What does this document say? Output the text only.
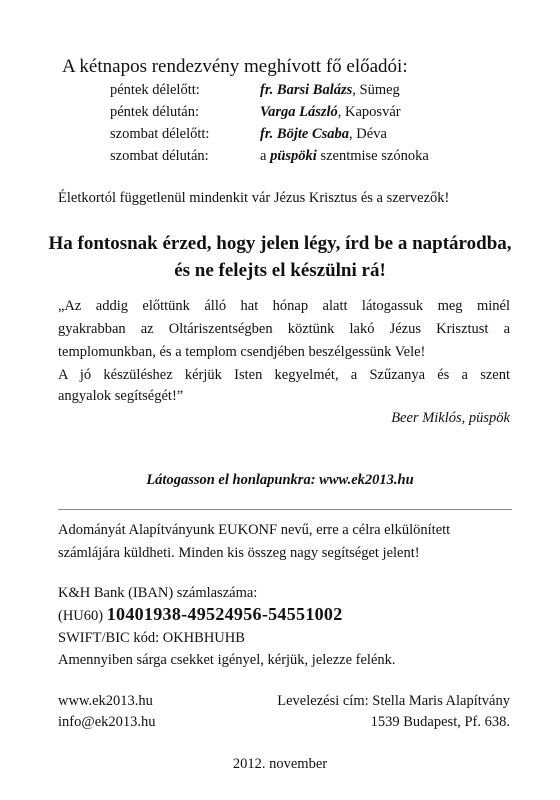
A kétnapos rendezvény meghívott fő előadói:
péntek délelőtt:	fr. Barsi Balázs, Sümeg
péntek délután:	Varga László, Kaposvár
szombat délelőtt:	fr. Böjte Csaba, Déva
szombat délután:	a püspöki szentmise szónoka
Életkortól függetlenül mindenkit vár Jézus Krisztus és a szervezők!
Ha fontosnak érzed, hogy jelen légy, írd be a naptárodba, és ne felejts el készülni rá!
„Az addig előttünk álló hat hónap alatt látogassuk meg minél
gyakrabban az Oltáriszentségben köztünk lakó Jézus Krisztust a
templomunkban, és a templom csendjében beszélgessünk Vele!
A jó készüléshez kérjük Isten kegyelmét, a Szűzanya és a szent
angyalok segítségét!”
Beer Miklós, püspök
Látogasson el honlapunkra: www.ek2013.hu
Adományát Alapítványunk EUKONF nevű, erre a célra elkülönített
számlájára küldheti. Minden kis összeg nagy segítséget jelent!
K&H Bank (IBAN) számlaszáma:
(HU60) 10401938-49524956-54551002
SWIFT/BIC kód: OKHBHUHB
Amennyiben sárga csekket igényel, kérjük, jelezze felénk.
www.ek2013.hu
info@ek2013.hu
Levelezési cím: Stella Maris Alapítvány
1539 Budapest, Pf. 638.
2012. november
